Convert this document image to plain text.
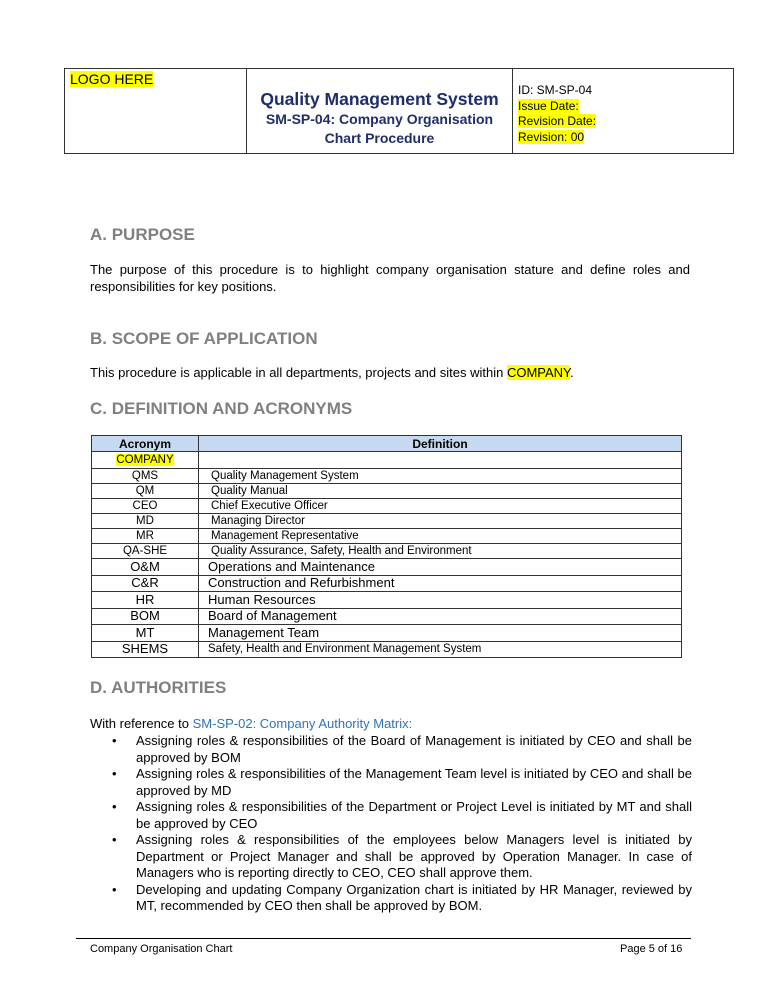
LOGO HERE	
Quality Management System
SM-SP-04: Company Organisation
Chart Procedure

ID: SM-SP-04
Issue Date:
Revision Date:
Revision: 00
A. PURPOSE

The purpose of this procedure is to highlight company organisation stature and define roles and responsibilities for key positions.

B. SCOPE OF APPLICATION

This procedure is applicable in all departments, projects and sites within COMPANY.

C. DEFINITION AND ACRONYMS
Acronym	Definition
COMPANY	
QMS	Quality Management System
QM	Quality Manual
CEO	Chief Executive Officer
MD	Managing Director
MR	Management Representative
QA-SHE	Quality Assurance, Safety, Health and Environment
O&M	Operations and Maintenance
C&R	Construction and Refurbishment
HR	Human Resources
BOM	Board of Management
MT	Management Team
SHEMS	Safety, Health and Environment Management System
D. AUTHORITIES

With reference to SM-SP-02: Company Authority Matrix:

• Assigning roles & responsibilities of the Board of Management is initiated by CEO and shall be approved by BOM
• Assigning roles & responsibilities of the Management Team level is initiated by CEO and shall be approved by MD
• Assigning roles & responsibilities of the Department or Project Level is initiated by MT and shall be approved by CEO
• Assigning roles & responsibilities of the employees below Managers level is initiated by Department or Project Manager and shall be approved by Operation Manager. In case of Managers who is reporting directly to CEO, CEO shall approve them.
• Developing and updating Company Organization chart is initiated by HR Manager, reviewed by MT, recommended by CEO then shall be approved by BOM.
Company Organisation Chart	Page 5 of 16
